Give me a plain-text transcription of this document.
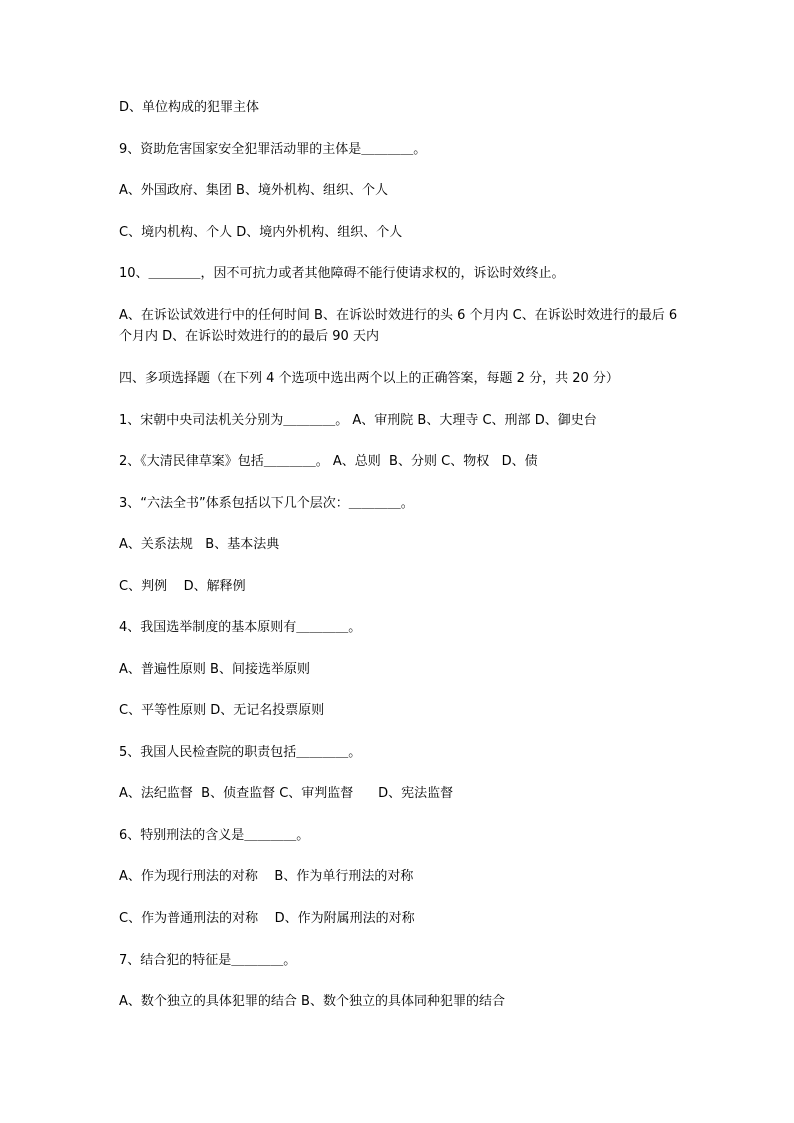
D、单位构成的犯罪主体
9、资助危害国家安全犯罪活动罪的主体是＿＿＿＿。
A、外国政府、集团 B、境外机构、组织、个人
C、境内机构、个人 D、境内外机构、组织、个人
10、＿＿＿＿，因不可抗力或者其他障碍不能行使请求权的，诉讼时效终止。
A、在诉讼试效进行中的任何时间 B、在诉讼时效进行的头 6 个月内 C、在诉讼时效进行的最后 6 个月内 D、在诉讼时效进行的的最后 90 天内
四、多项选择题（在下列 4 个选项中选出两个以上的正确答案，每题 2 分，共 20 分）
1、宋朝中央司法机关分别为＿＿＿＿。 A、审刑院 B、大理寺 C、刑部 D、御史台
2、《大清民律草案》包括＿＿＿＿。 A、总则  B、分则 C、物权   D、债
3、“六法全书”体系包括以下几个层次：＿＿＿＿。
A、关系法规   B、基本法典
C、判例    D、解释例
4、我国选举制度的基本原则有＿＿＿＿。
A、普遍性原则 B、间接选举原则
C、平等性原则 D、无记名投票原则
5、我国人民检查院的职责包括＿＿＿＿。
A、法纪监督  B、侦查监督 C、审判监督      D、宪法监督
6、特别刑法的含义是＿＿＿＿。
A、作为现行刑法的对称    B、作为单行刑法的对称
C、作为普通刑法的对称    D、作为附属刑法的对称
7、结合犯的特征是＿＿＿＿。
A、数个独立的具体犯罪的结合 B、数个独立的具体同种犯罪的结合
